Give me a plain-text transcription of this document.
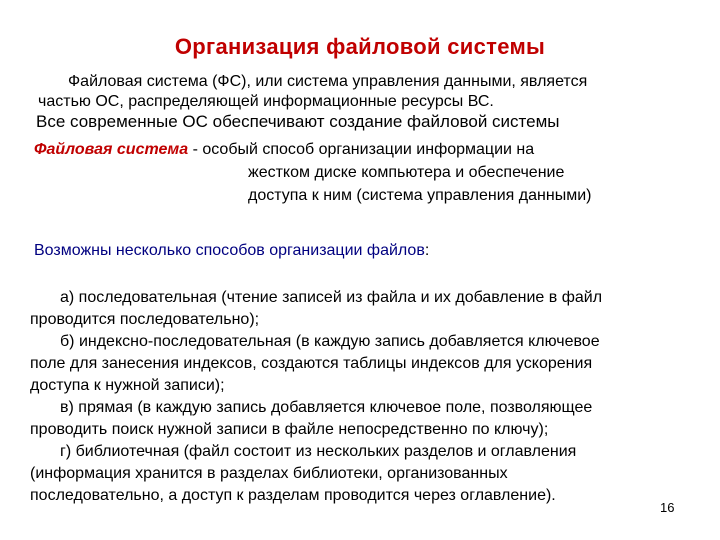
Организация файловой системы
Файловая система (ФС), или система управления данными, является
частью ОС, распределяющей информационные ресурсы ВС.
Все современные ОС обеспечивают создание файловой системы
Файловая система - особый способ организации информации на
жестком диске компьютера и обеспечение
доступа к ним (система управления данными)
Возможны несколько способов организации файлов:
а) последовательная (чтение записей из файла и их добавление в файл
проводится последовательно);
б) индексно-последовательная (в каждую запись добавляется ключевое
поле для занесения индексов, создаются таблицы индексов для ускорения
доступа к нужной записи);
в) прямая (в каждую запись добавляется ключевое поле, позволяющее
проводить поиск нужной записи в файле непосредственно по ключу);
г) библиотечная (файл состоит из нескольких разделов и оглавления
(информация хранится в разделах библиотеки, организованных
последовательно, а доступ к разделам проводится через оглавление).
16
